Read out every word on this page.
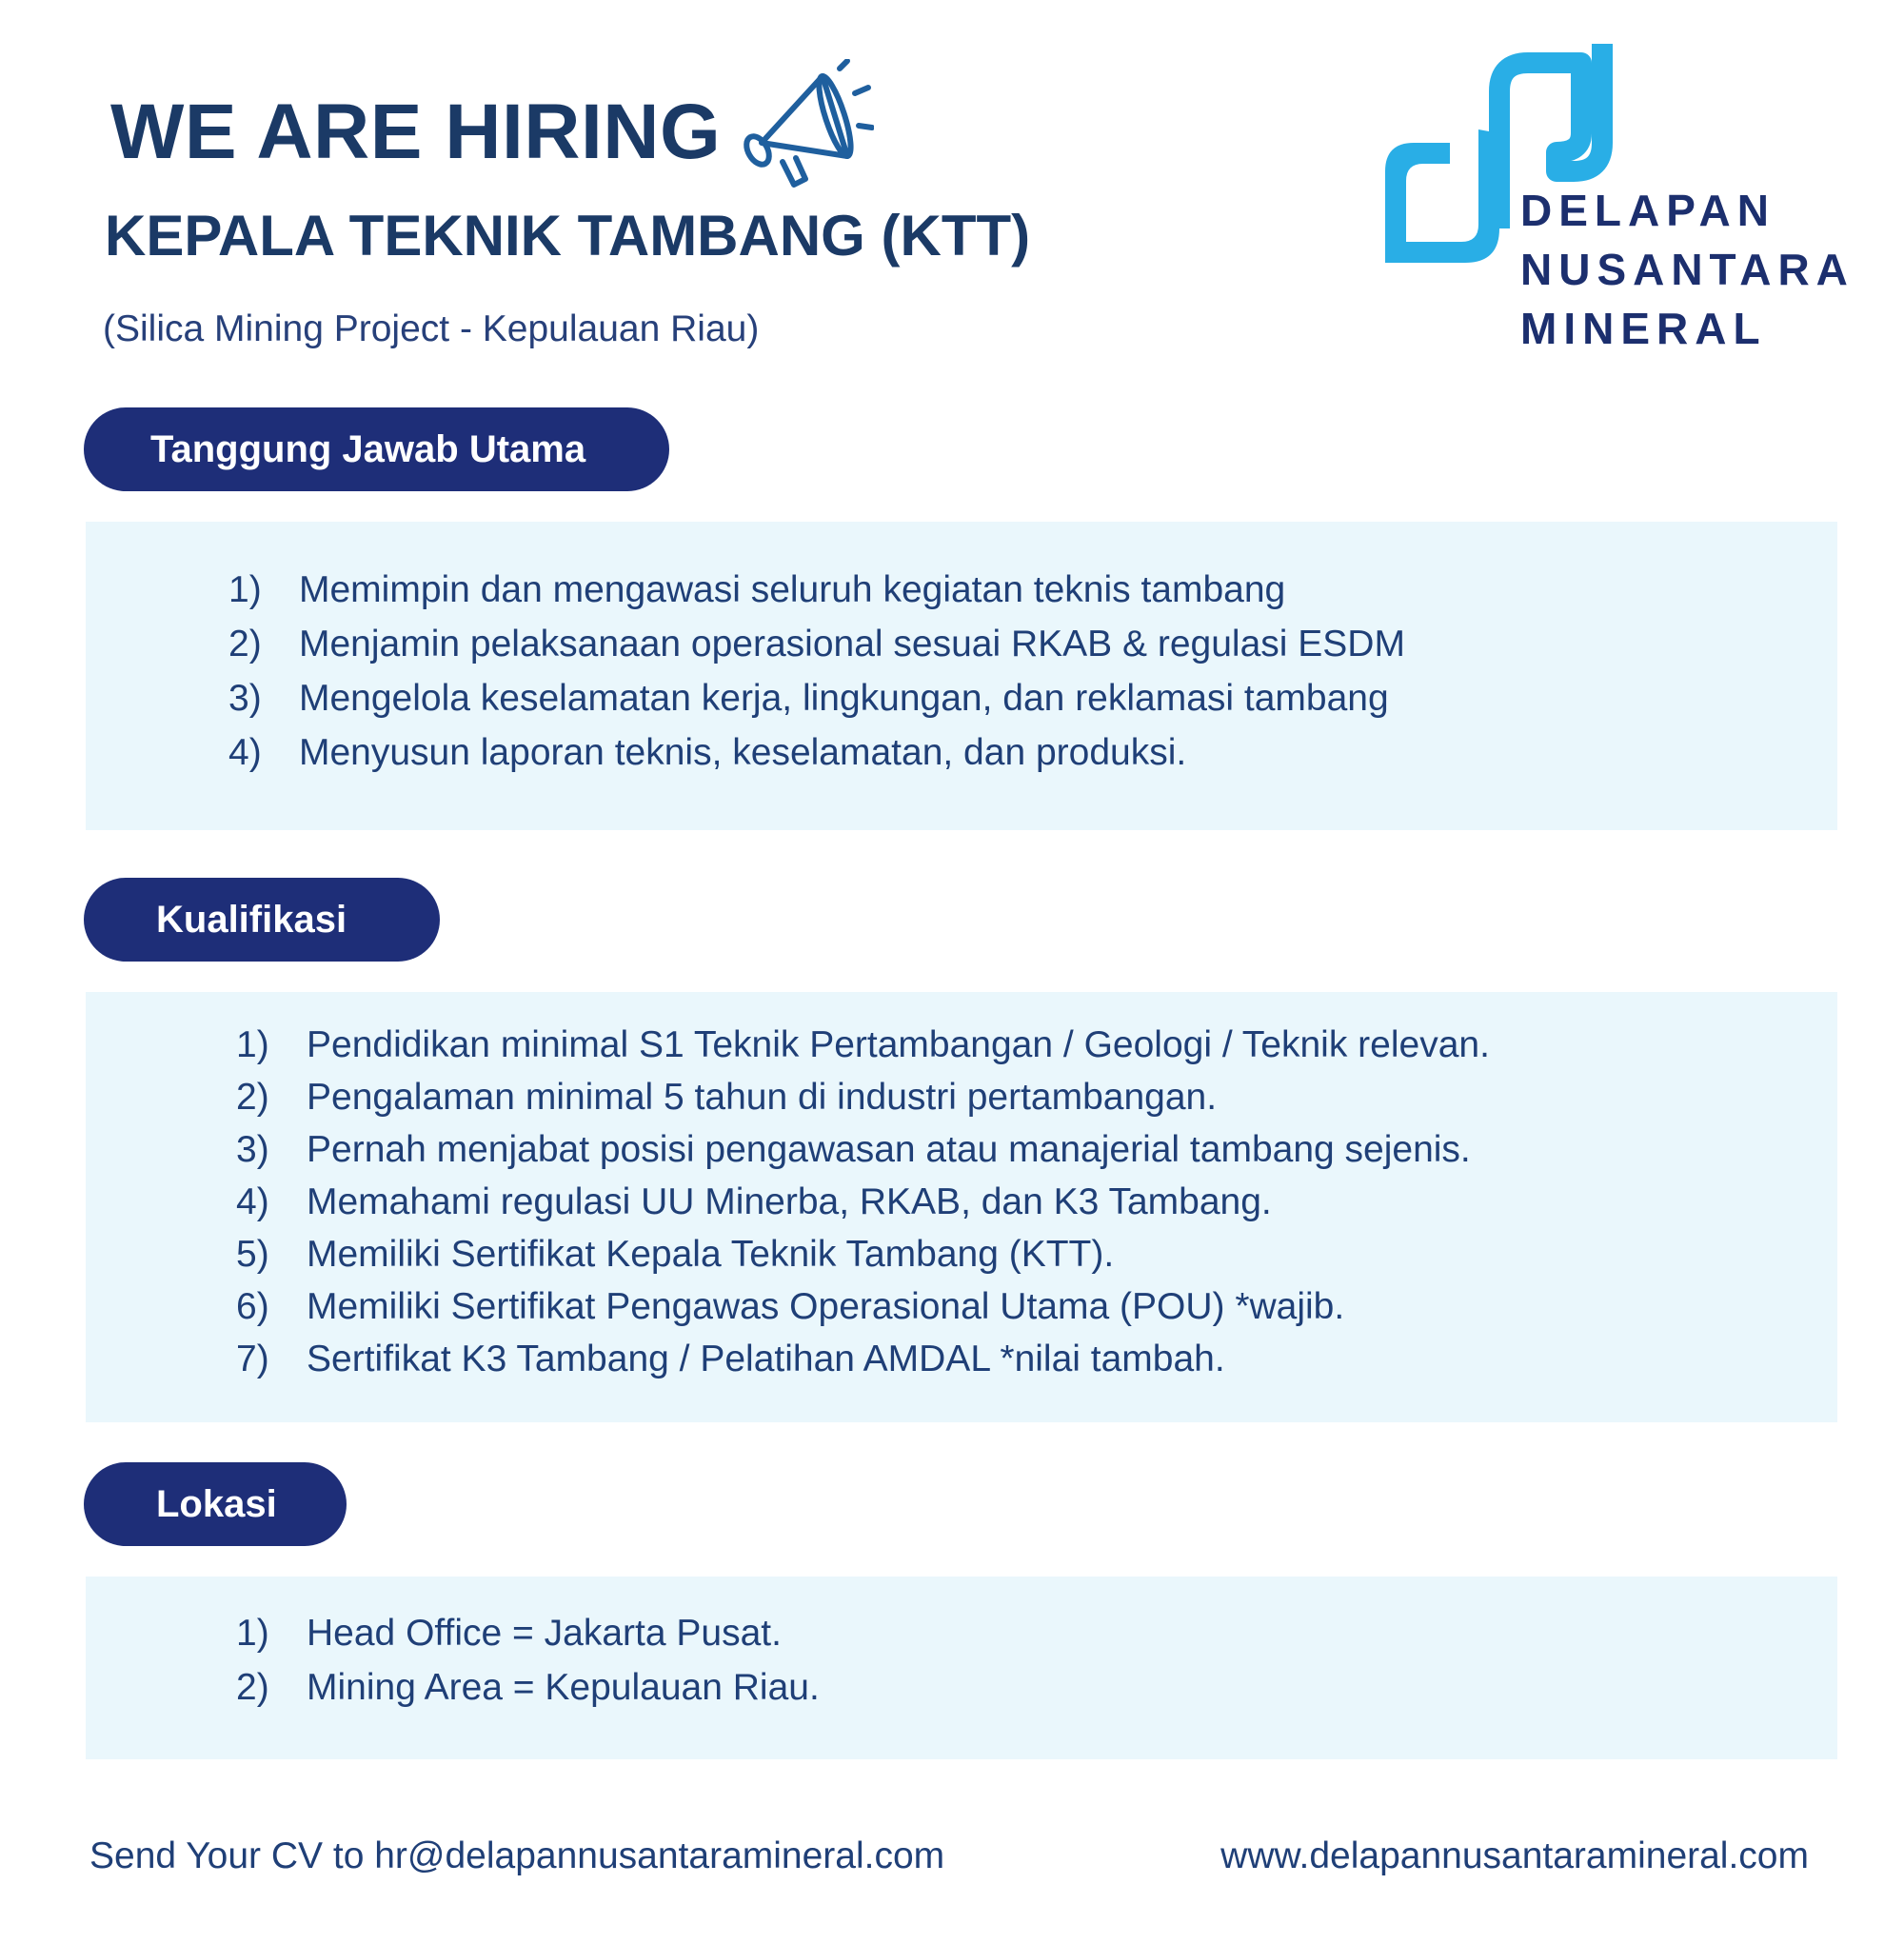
WE ARE HIRING
KEPALA TEKNIK TAMBANG (KTT)
(Silica Mining Project - Kepulauan Riau)
DELAPAN
NUSANTARA
MINERAL
Tanggung Jawab Utama
1)	Memimpin dan mengawasi seluruh kegiatan teknis tambang
2)	Menjamin pelaksanaan operasional sesuai RKAB & regulasi ESDM
3)	Mengelola keselamatan kerja, lingkungan, dan reklamasi tambang
4)	Menyusun laporan teknis, keselamatan, dan produksi.
Kualifikasi
1)	Pendidikan minimal S1 Teknik Pertambangan / Geologi / Teknik relevan.
2)	Pengalaman minimal 5 tahun di industri pertambangan.
3)	Pernah menjabat posisi pengawasan atau manajerial tambang sejenis.
4)	Memahami regulasi UU Minerba, RKAB, dan K3 Tambang.
5)	Memiliki Sertifikat Kepala Teknik Tambang (KTT).
6)	Memiliki Sertifikat Pengawas Operasional Utama (POU) *wajib.
7)	Sertifikat K3 Tambang / Pelatihan AMDAL *nilai tambah.
Lokasi
1)	Head Office = Jakarta Pusat.
2)	Mining Area = Kepulauan Riau.
Send Your CV to hr@delapannusantaramineral.com	www.delapannusantaramineral.com
